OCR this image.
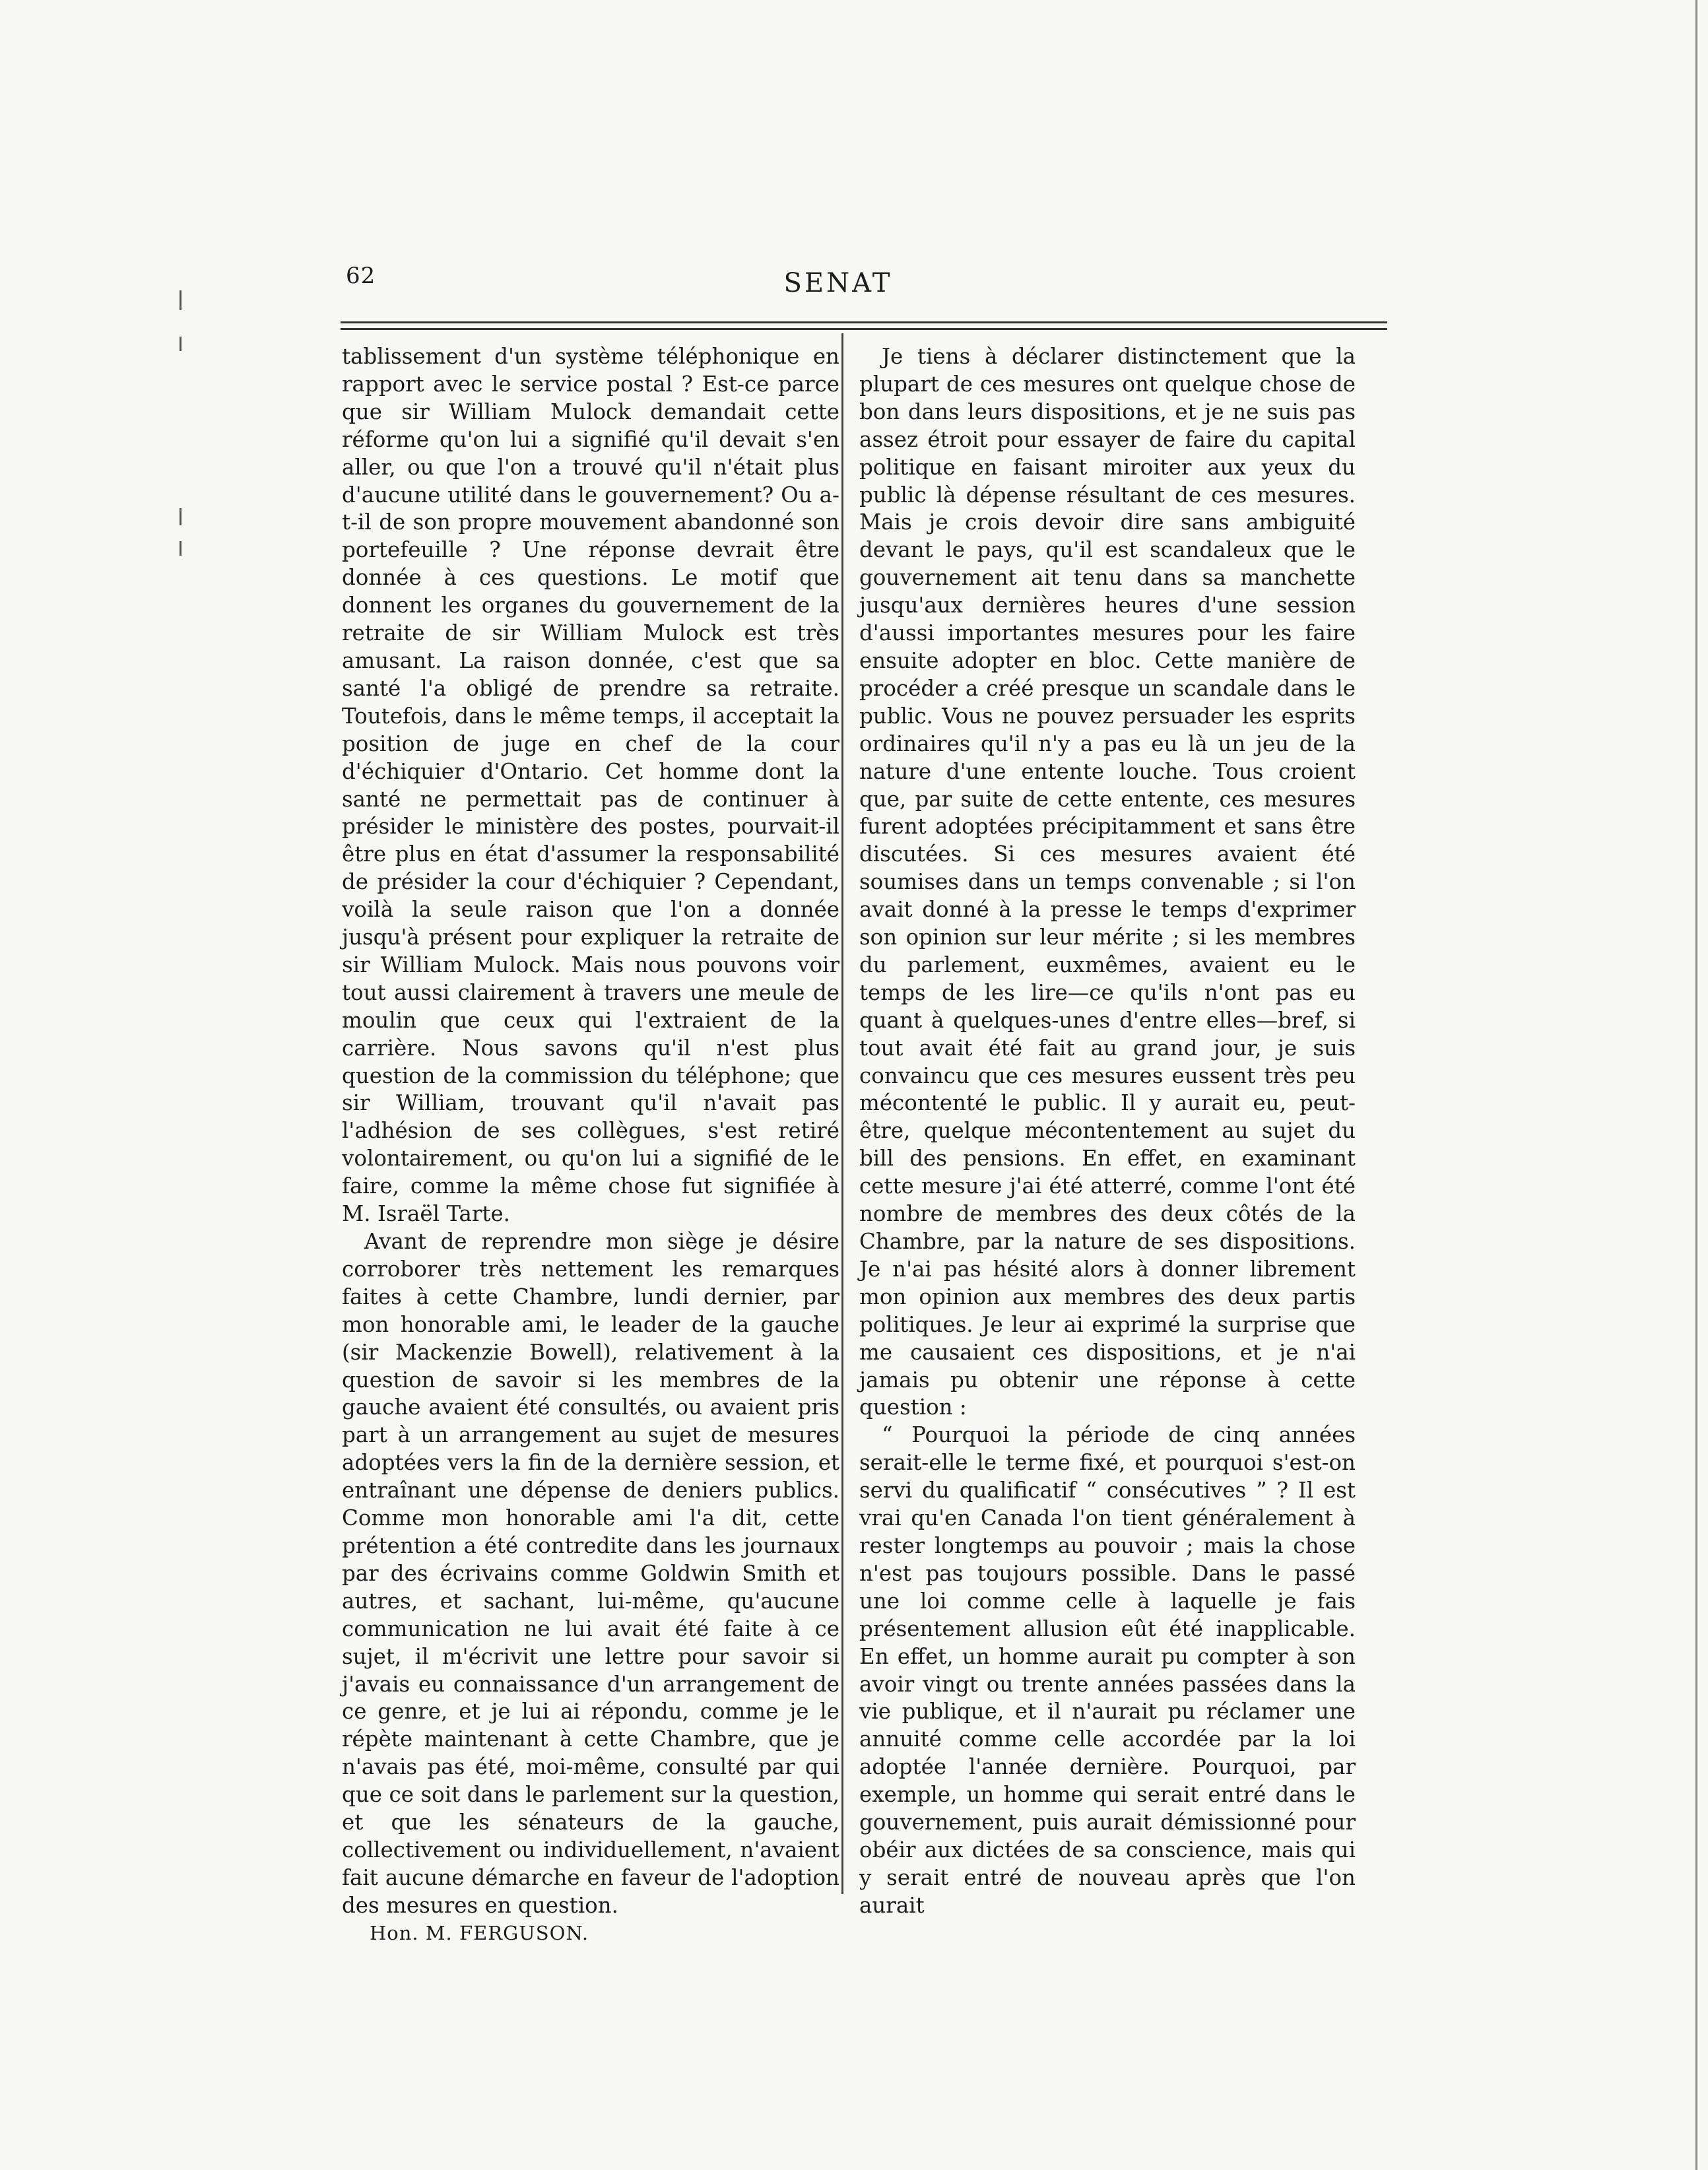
62	SENAT

tablissement d'un système téléphonique en rapport avec le service postal ? Est-ce parce que sir William Mulock demandait cette réforme qu'on lui a signifié qu'il devait s'en aller, ou que l'on a trouvé qu'il n'était plus d'aucune utilité dans le gouvernement? Ou a-t-il de son propre mouvement abandonné son portefeuille ? Une réponse devrait être donnée à ces questions. Le motif que donnent les organes du gouvernement de la retraite de sir William Mulock est très amusant. La raison donnée, c'est que sa santé l'a obligé de prendre sa retraite. Toutefois, dans le même temps, il acceptait la position de juge en chef de la cour d'échiquier d'Ontario. Cet homme dont la santé ne permettait pas de continuer à présider le ministère des postes, pourvait-il être plus en état d'assumer la responsabilité de présider la cour d'échiquier ? Cependant, voilà la seule raison que l'on a donnée jusqu'à présent pour expliquer la retraite de sir William Mulock. Mais nous pouvons voir tout aussi clairement à travers une meule de moulin que ceux qui l'extraient de la carrière. Nous savons qu'il n'est plus question de la commission du téléphone; que sir William, trouvant qu'il n'avait pas l'adhésion de ses collègues, s'est retiré volontairement, ou qu'on lui a signifié de le faire, comme la même chose fut signifiée à M. Israël Tarte.

Avant de reprendre mon siège je désire corroborer très nettement les remarques faites à cette Chambre, lundi dernier, par mon honorable ami, le leader de la gauche (sir Mackenzie Bowell), relativement à la question de savoir si les membres de la gauche avaient été consultés, ou avaient pris part à un arrangement au sujet de mesures adoptées vers la fin de la dernière session, et entraînant une dépense de deniers publics. Comme mon honorable ami l'a dit, cette prétention a été contredite dans les journaux par des écrivains comme Goldwin Smith et autres, et sachant, lui-même, qu'aucune communication ne lui avait été faite à ce sujet, il m'écrivit une lettre pour savoir si j'avais eu connaissance d'un arrangement de ce genre, et je lui ai répondu, comme je le répète maintenant à cette Chambre, que je n'avais pas été, moi-même, consulté par qui que ce soit dans le parlement sur la question, et que les sénateurs de la gauche, collectivement ou individuellement, n'avaient fait aucune démarche en faveur de l'adoption des mesures en question.

Hon. M. FERGUSON.

Je tiens à déclarer distinctement que la plupart de ces mesures ont quelque chose de bon dans leurs dispositions, et je ne suis pas assez étroit pour essayer de faire du capital politique en faisant miroiter aux yeux du public là dépense résultant de ces mesures. Mais je crois devoir dire sans ambiguité devant le pays, qu'il est scandaleux que le gouvernement ait tenu dans sa manchette jusqu'aux dernières heures d'une session d'aussi importantes mesures pour les faire ensuite adopter en bloc. Cette manière de procéder a créé presque un scandale dans le public. Vous ne pouvez persuader les esprits ordinaires qu'il n'y a pas eu là un jeu de la nature d'une entente louche. Tous croient que, par suite de cette entente, ces mesures furent adoptées précipitamment et sans être discutées. Si ces mesures avaient été soumises dans un temps convenable ; si l'on avait donné à la presse le temps d'exprimer son opinion sur leur mérite ; si les membres du parlement, euxmêmes, avaient eu le temps de les lire—ce qu'ils n'ont pas eu quant à quelques-unes d'entre elles—bref, si tout avait été fait au grand jour, je suis convaincu que ces mesures eussent très peu mécontenté le public. Il y aurait eu, peut-être, quelque mécontentement au sujet du bill des pensions. En effet, en examinant cette mesure j'ai été atterré, comme l'ont été nombre de membres des deux côtés de la Chambre, par la nature de ses dispositions. Je n'ai pas hésité alors à donner librement mon opinion aux membres des deux partis politiques. Je leur ai exprimé la surprise que me causaient ces dispositions, et je n'ai jamais pu obtenir une réponse à cette question :

“ Pourquoi la période de cinq années serait-elle le terme fixé, et pourquoi s'est-on servi du qualificatif “ consécutives ” ? Il est vrai qu'en Canada l'on tient généralement à rester longtemps au pouvoir ; mais la chose n'est pas toujours possible. Dans le passé une loi comme celle à laquelle je fais présentement allusion eût été inapplicable. En effet, un homme aurait pu compter à son avoir vingt ou trente années passées dans la vie publique, et il n'aurait pu réclamer une annuité comme celle accordée par la loi adoptée l'année dernière. Pourquoi, par exemple, un homme qui serait entré dans le gouvernement, puis aurait démissionné pour obéir aux dictées de sa conscience, mais qui y serait entré de nouveau après que l'on aurait
